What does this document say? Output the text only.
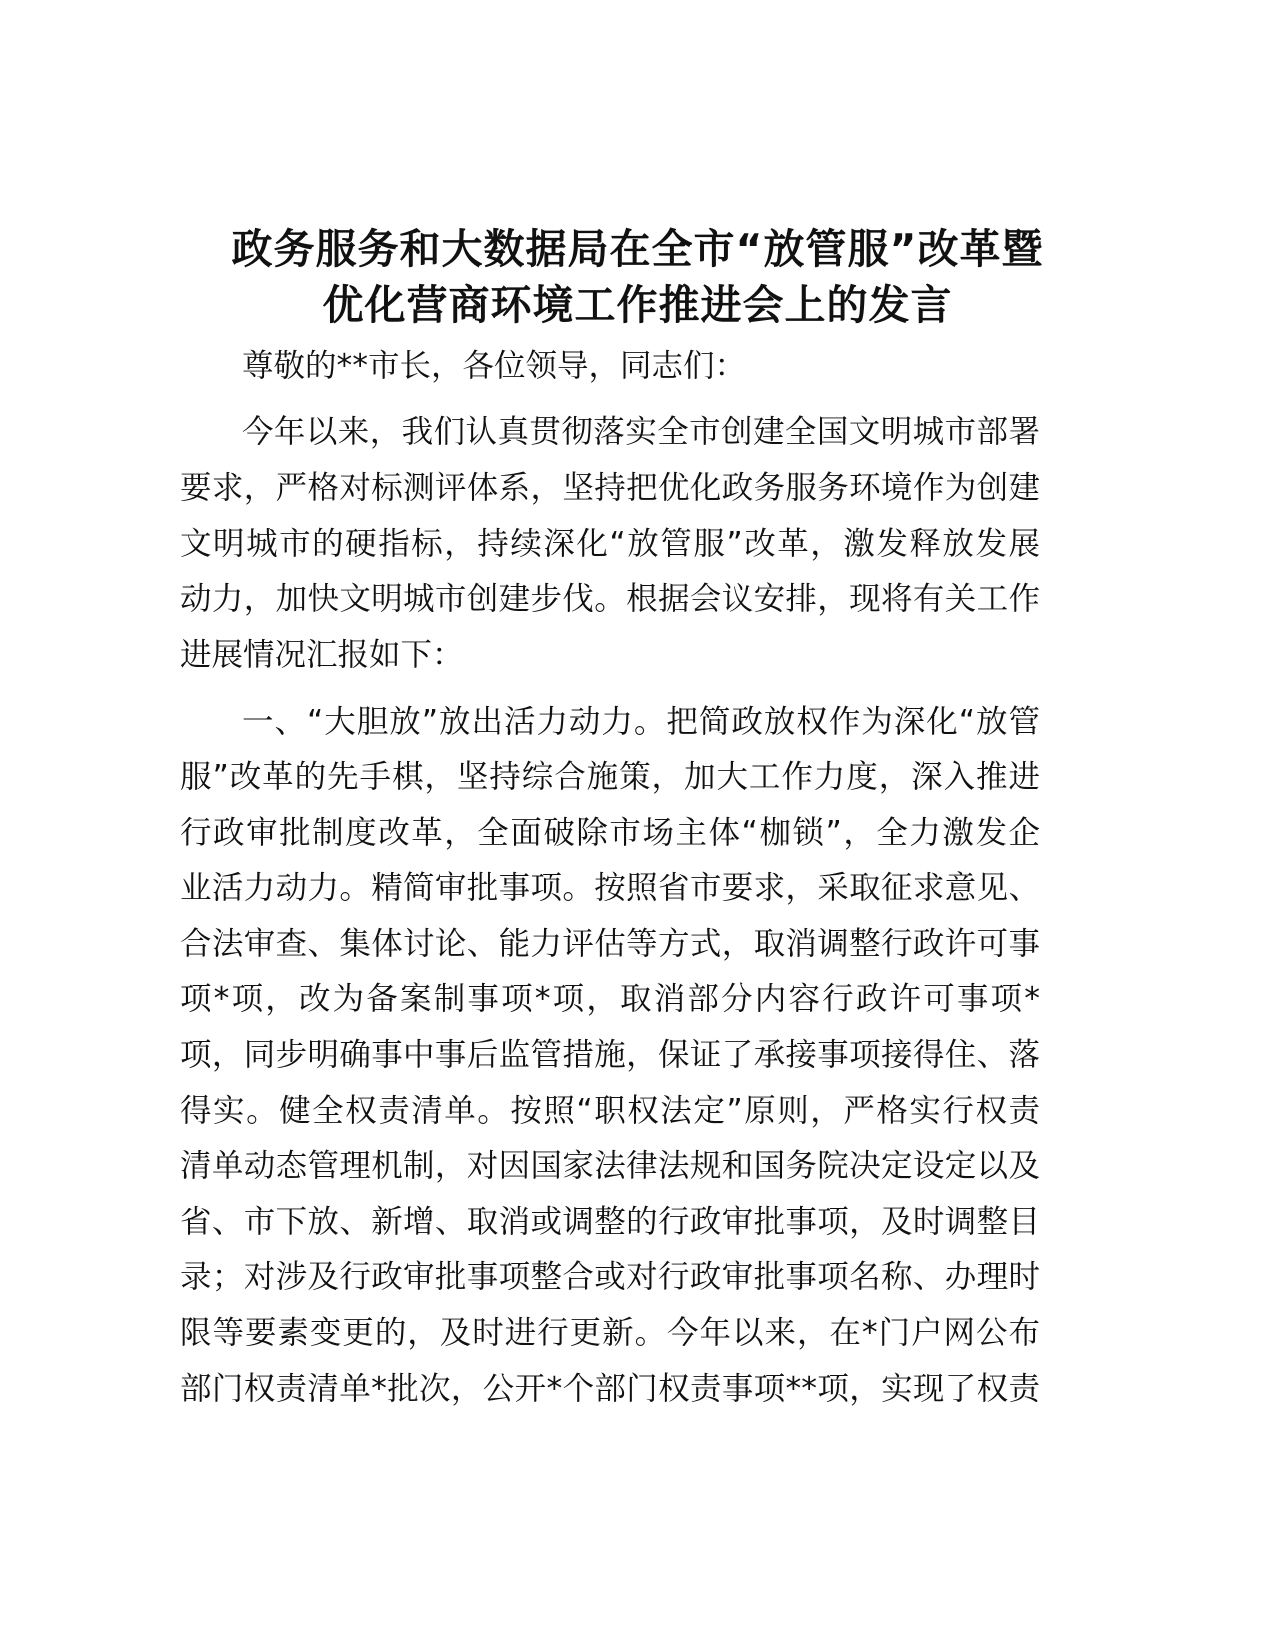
政务服务和大数据局在全市“放管服”改革暨
优化营商环境工作推进会上的发言
尊敬的**市长，各位领导，同志们：
今年以来，我们认真贯彻落实全市创建全国文明城市部署
要求，严格对标测评体系，坚持把优化政务服务环境作为创建
文明城市的硬指标，持续深化“放管服”改革，激发释放发展
动力，加快文明城市创建步伐。根据会议安排，现将有关工作
进展情况汇报如下：
一、“大胆放”放出活力动力。把简政放权作为深化“放管
服”改革的先手棋，坚持综合施策，加大工作力度，深入推进
行政审批制度改革，全面破除市场主体“枷锁”，全力激发企
业活力动力。精简审批事项。按照省市要求，采取征求意见、
合法审查、集体讨论、能力评估等方式，取消调整行政许可事
项*项，改为备案制事项*项，取消部分内容行政许可事项*
项，同步明确事中事后监管措施，保证了承接事项接得住、落
得实。健全权责清单。按照“职权法定”原则，严格实行权责
清单动态管理机制，对因国家法律法规和国务院决定设定以及
省、市下放、新增、取消或调整的行政审批事项，及时调整目
录；对涉及行政审批事项整合或对行政审批事项名称、办理时
限等要素变更的，及时进行更新。今年以来，在*门户网公布
部门权责清单*批次，公开*个部门权责事项**项，实现了权责
